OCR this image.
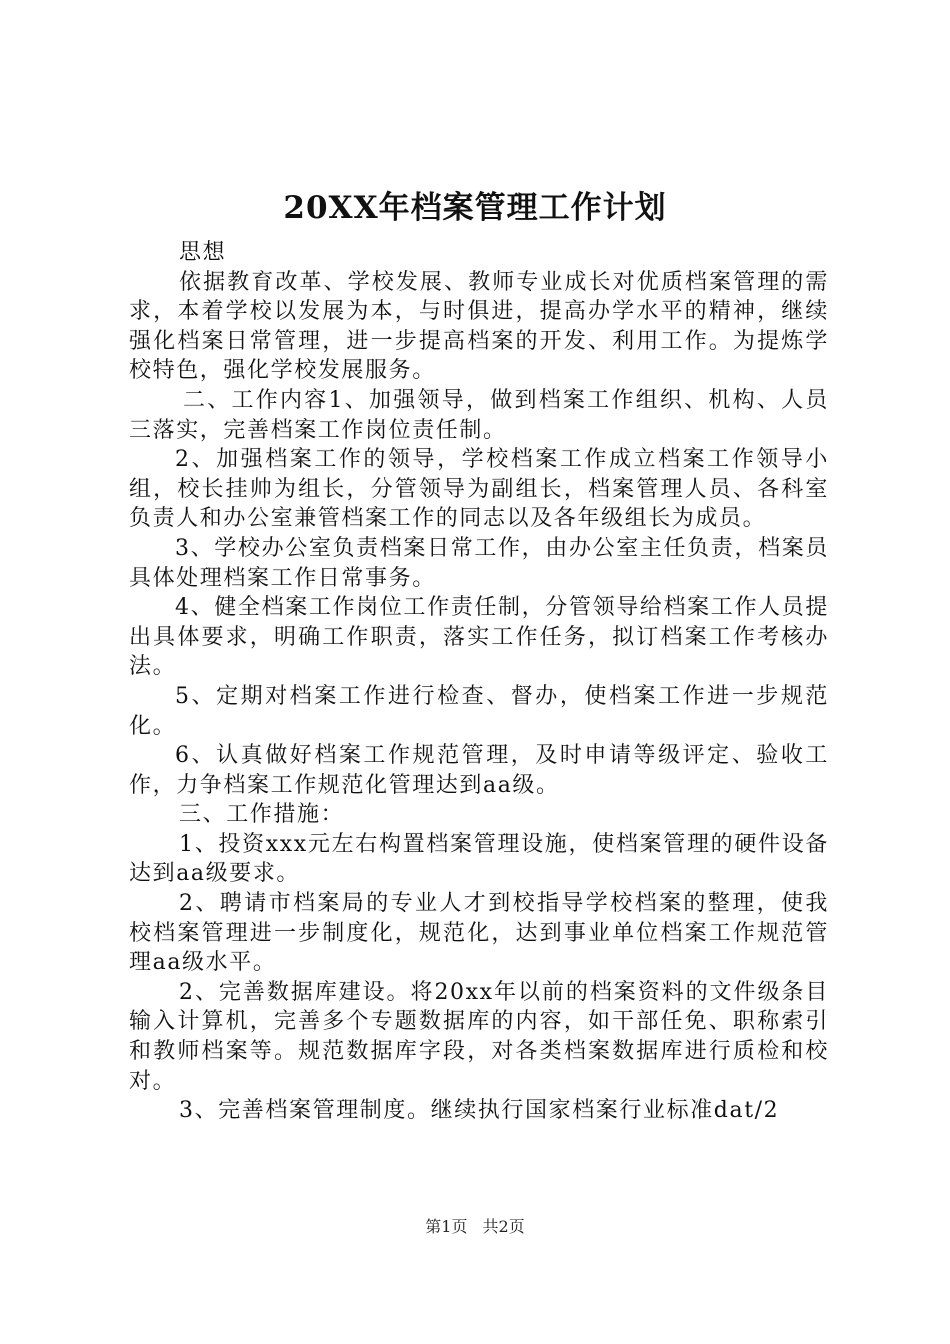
20XX年档案管理工作计划

思想

依据教育改革、学校发展、教师专业成长对优质档案管理的需求，本着学校以发展为本，与时俱进，提高办学水平的精神，继续强化档案日常管理，进一步提高档案的开发、利用工作。为提炼学校特色，强化学校发展服务。

二、工作内容1、加强领导，做到档案工作组织、机构、人员三落实，完善档案工作岗位责任制。

2、加强档案工作的领导，学校档案工作成立档案工作领导小组，校长挂帅为组长，分管领导为副组长，档案管理人员、各科室负责人和办公室兼管档案工作的同志以及各年级组长为成员。

3、学校办公室负责档案日常工作，由办公室主任负责，档案员具体处理档案工作日常事务。

4、健全档案工作岗位工作责任制，分管领导给档案工作人员提出具体要求，明确工作职责，落实工作任务，拟订档案工作考核办法。

5、定期对档案工作进行检查、督办，使档案工作进一步规范化。

6、认真做好档案工作规范管理，及时申请等级评定、验收工作，力争档案工作规范化管理达到aa级。

三、工作措施：

1、投资xxx元左右构置档案管理设施，使档案管理的硬件设备达到aa级要求。

2、聘请市档案局的专业人才到校指导学校档案的整理，使我校档案管理进一步制度化，规范化，达到事业单位档案工作规范管理aa级水平。

2、完善数据库建设。将20xx年以前的档案资料的文件级条目输入计算机，完善多个专题数据库的内容，如干部任免、职称索引和教师档案等。规范数据库字段，对各类档案数据库进行质检和校对。

3、完善档案管理制度。继续执行国家档案行业标准dat/2

第1页 共2页
